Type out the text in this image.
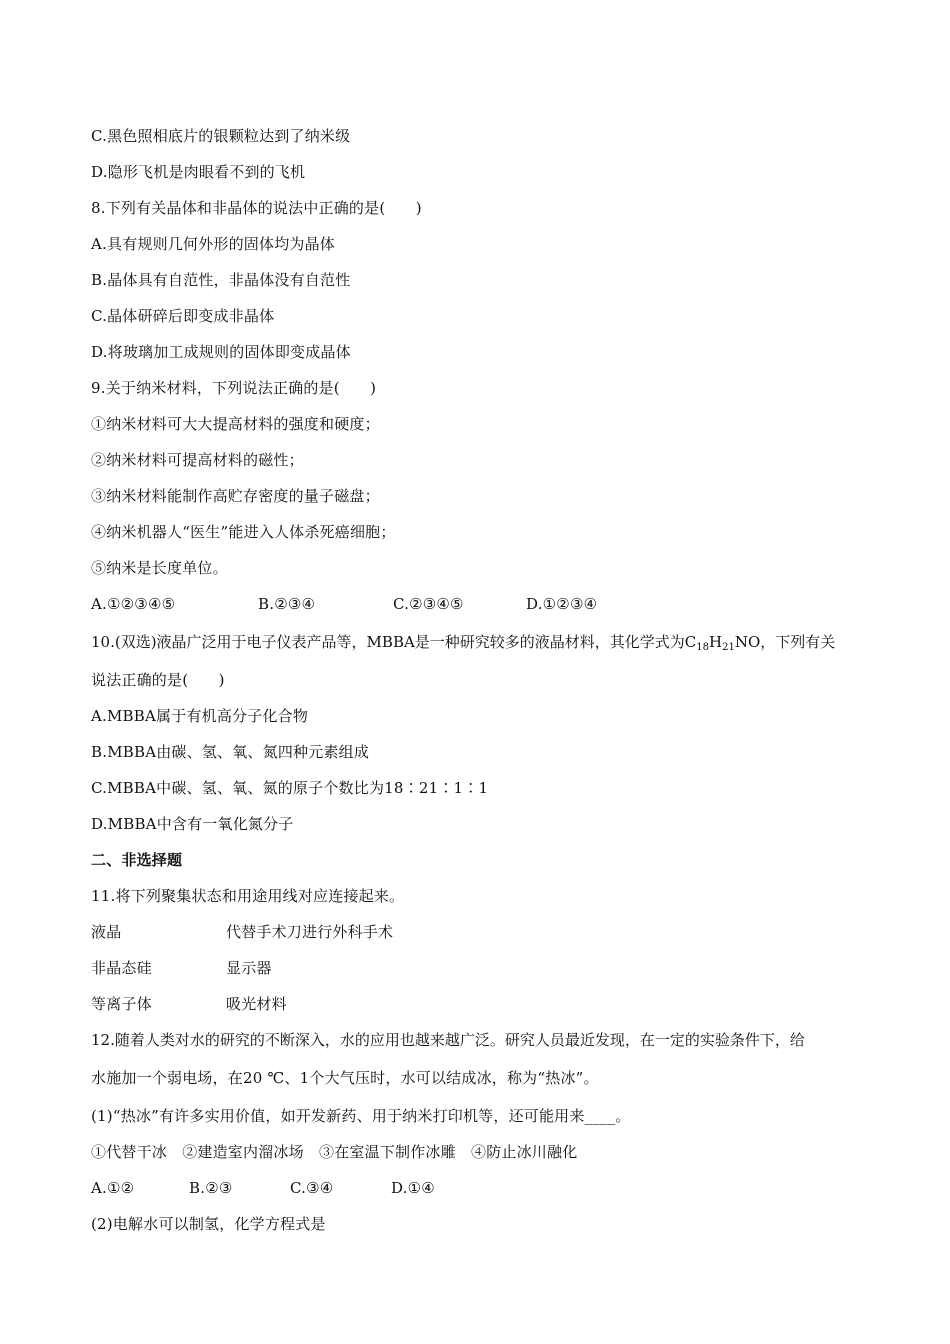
C.黑色照相底片的银颗粒达到了纳米级
D.隐形飞机是肉眼看不到的飞机
8.下列有关晶体和非晶体的说法中正确的是(　　)
A.具有规则几何外形的固体均为晶体
B.晶体具有自范性，非晶体没有自范性
C.晶体研碎后即变成非晶体
D.将玻璃加工成规则的固体即变成晶体
9.关于纳米材料，下列说法正确的是(　　)
①纳米材料可大大提高材料的强度和硬度；
②纳米材料可提高材料的磁性；
③纳米材料能制作高贮存密度的量子磁盘；
④纳米机器人“医生”能进入人体杀死癌细胞；
⑤纳米是长度单位。
A.①②③④⑤	B.②③④	C.②③④⑤	D.①②③④
10.(双选)液晶广泛用于电子仪表产品等，MBBA是一种研究较多的液晶材料，其化学式为$C_{18}H_{21}NO$，下列有关
说法正确的是(　　)
A.MBBA属于有机高分子化合物
B.MBBA由碳、氢、氧、氮四种元素组成
C.MBBA中碳、氢、氧、氮的原子个数比为18∶21∶1∶1
D.MBBA中含有一氧化氮分子
二、非选择题
11.将下列聚集状态和用途用线对应连接起来。
液晶	代替手术刀进行外科手术
非晶态硅	显示器
等离子体	吸光材料
12.随着人类对水的研究的不断深入，水的应用也越来越广泛。研究人员最近发现，在一定的实验条件下，给
水施加一个弱电场，在20 ℃、1个大气压时，水可以结成冰，称为“热冰”。
(1)“热冰”有许多实用价值，如开发新药、用于纳米打印机等，还可能用来____。
①代替干冰　②建造室内溜冰场　③在室温下制作冰雕　④防止冰川融化
A.①②	B.②③	C.③④	D.①④
(2)电解水可以制氢，化学方程式是
